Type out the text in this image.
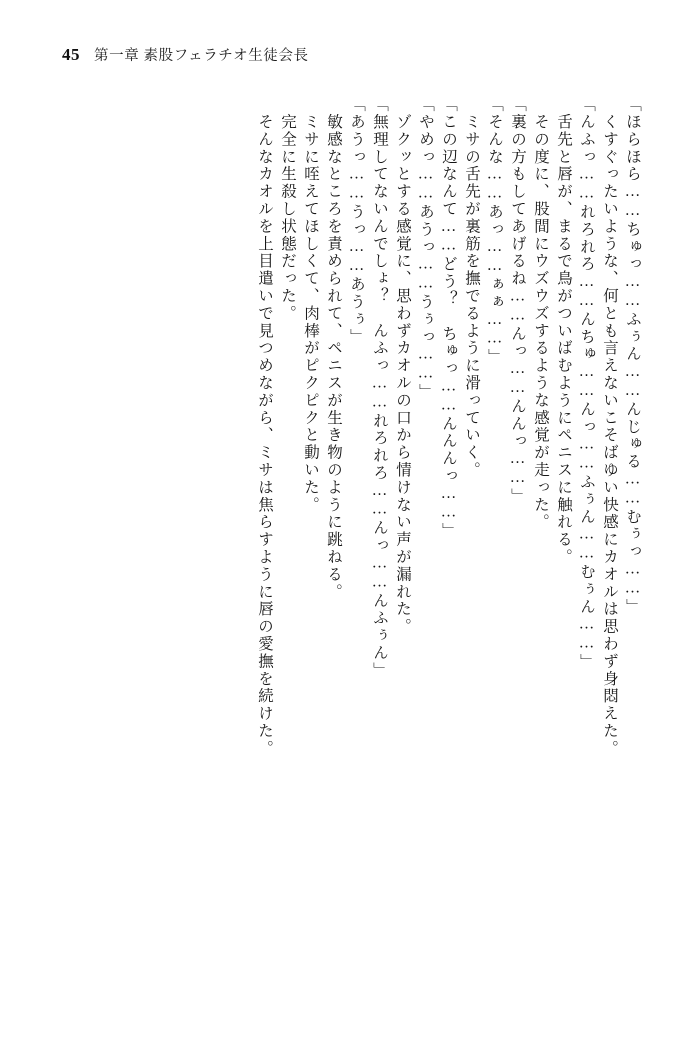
45 第一章 素股フェラチオ生徒会長
「ほらほら……ちゅっ……ふぅん……んじゅる……むぅっ……」
　くすぐったいような、何とも言えないこそばゆい快感にカオルは思わず身悶えた。
「んふっ……れろれろ……んちゅ……んっ……ふぅん……むぅん……」
　舌先と唇が、まるで鳥がついばむようにペニスに触れる。
　その度に、股間にウズウズするような感覚が走った。
「裏の方もしてあげるね……んっ……んんっ……」
「そんな……あっ……ぁぁ……」
　ミサの舌先が裏筋を撫でるように滑っていく。
「この辺なんて……どう？　ちゅっ……んんんっ……」
「やめっ……あうっ……うぅっ……」
　ゾクッとする感覚に、思わずカオルの口から情けない声が漏れた。
「無理してないんでしょ？　んふっ……れろれろ……んっ……んふぅん」
「あうっ……うっ……あうぅ」
　敏感なところを責められて、ペニスが生き物のように跳ねる。
　ミサに咥えてほしくて、肉棒がピクピクと動いた。
　完全に生殺し状態だった。
　そんなカオルを上目遣いで見つめながら、ミサは焦らすように唇の愛撫を続けた。
